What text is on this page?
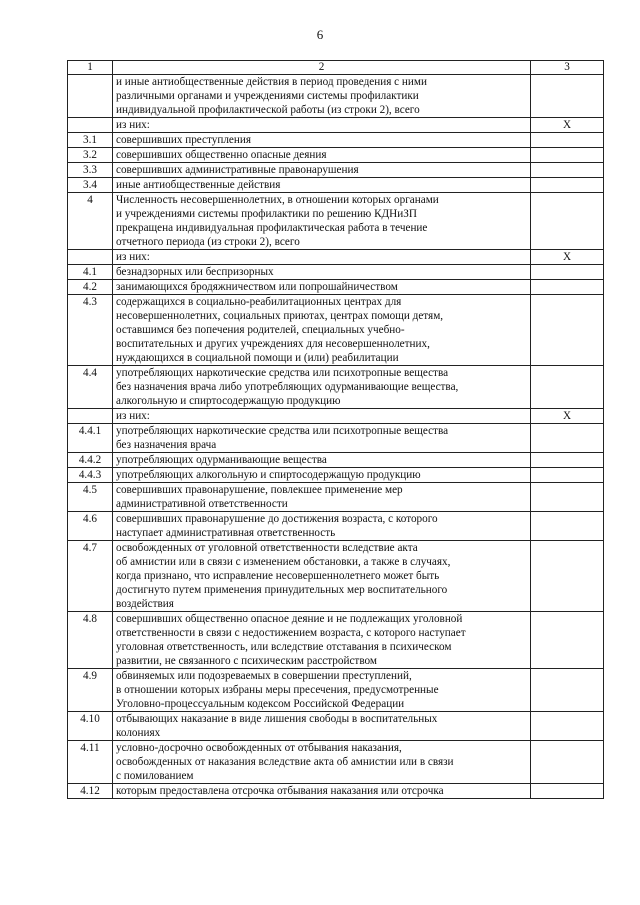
6
1	2	3
	и иные антиобщественные действия в период проведения с ними
различными органами и учреждениями системы профилактики
индивидуальной профилактической работы (из строки 2), всего	
	из них:	X
3.1	совершивших преступления	
3.2	совершивших общественно опасные деяния	
3.3	совершивших административные правонарушения	
3.4	иные антиобщественные действия	
4	Численность несовершеннолетних, в отношении которых органами
и учреждениями системы профилактики по решению КДНиЗП
прекращена индивидуальная профилактическая работа в течение
отчетного периода (из строки 2), всего	
	из них:	X
4.1	безнадзорных или беспризорных	
4.2	занимающихся бродяжничеством или попрошайничеством	
4.3	содержащихся в социально-реабилитационных центрах для
несовершеннолетних, социальных приютах, центрах помощи детям,
оставшимся без попечения родителей, специальных учебно-
воспитательных и других учреждениях для несовершеннолетних,
нуждающихся в социальной помощи и (или) реабилитации	
4.4	употребляющих наркотические средства или психотропные вещества
без назначения врача либо употребляющих одурманивающие вещества,
алкогольную и спиртосодержащую продукцию	
	из них:	X
4.4.1	употребляющих наркотические средства или психотропные вещества
без назначения врача	
4.4.2	употребляющих одурманивающие вещества	
4.4.3	употребляющих алкогольную и спиртосодержащую продукцию	
4.5	совершивших правонарушение, повлекшее применение мер
административной ответственности	
4.6	совершивших правонарушение до достижения возраста, с которого
наступает административная ответственность	
4.7	освобожденных от уголовной ответственности вследствие акта
об амнистии или в связи с изменением обстановки, а также в случаях,
когда признано, что исправление несовершеннолетнего может быть
достигнуто путем применения принудительных мер воспитательного
воздействия	
4.8	совершивших общественно опасное деяние и не подлежащих уголовной
ответственности в связи с недостижением возраста, с которого наступает
уголовная ответственность, или вследствие отставания в психическом
развитии, не связанного с психическим расстройством	
4.9	обвиняемых или подозреваемых в совершении преступлений,
в отношении которых избраны меры пресечения, предусмотренные
Уголовно-процессуальным кодексом Российской Федерации	
4.10	отбывающих наказание в виде лишения свободы в воспитательных
колониях	
4.11	условно-досрочно освобожденных от отбывания наказания,
освобожденных от наказания вследствие акта об амнистии или в связи
с помилованием	
4.12	которым предоставлена отсрочка отбывания наказания или отсрочка	
